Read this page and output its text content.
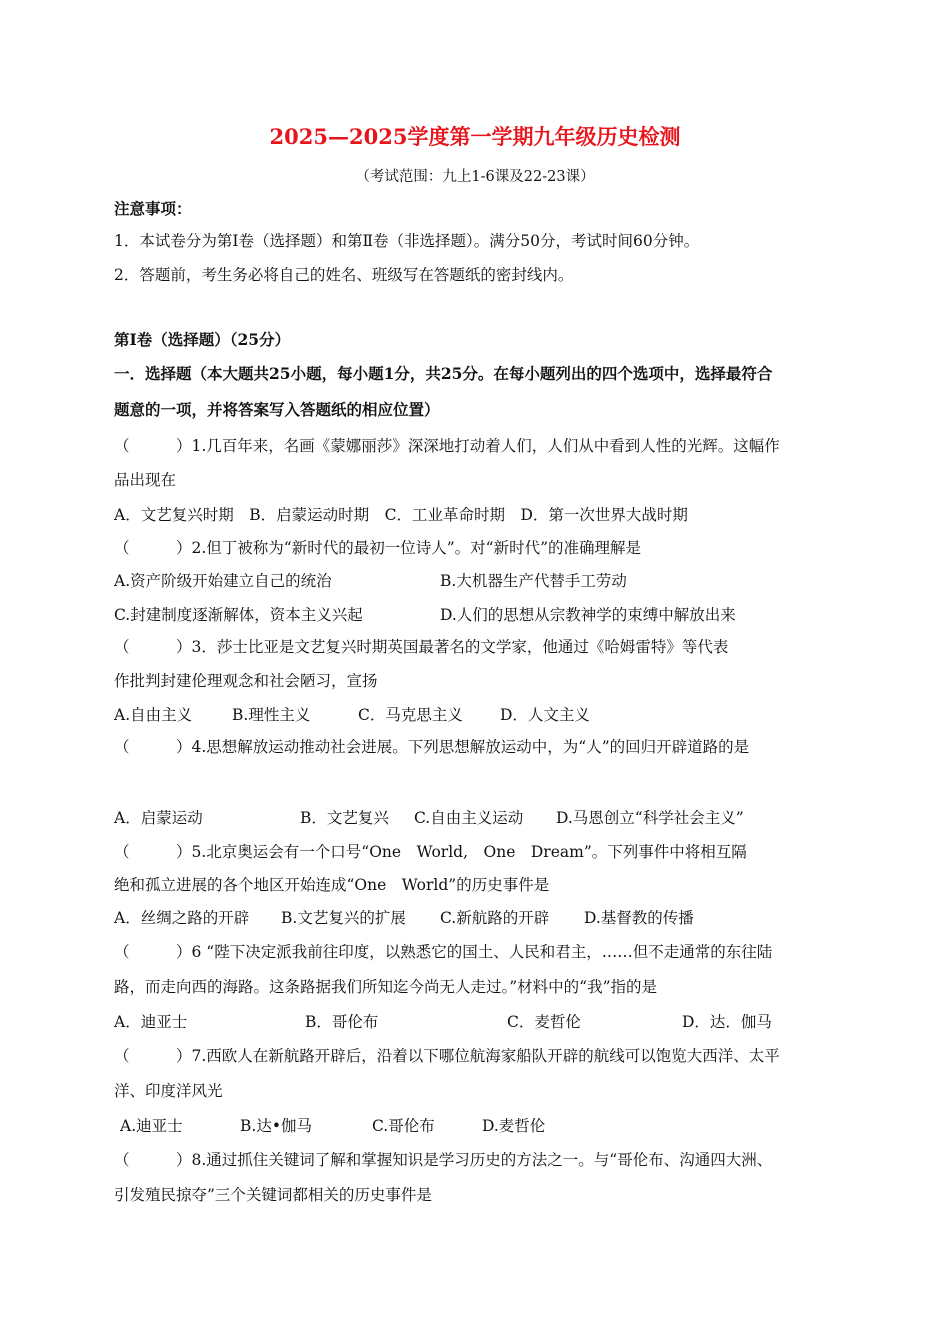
2025—2025学度第一学期九年级历史检测
（考试范围：九上1-6课及22-23课）
注意事项：
1．本试卷分为第Ⅰ卷（选择题）和第Ⅱ卷（非选择题）。满分50分，考试时间60分钟。
2．答题前，考生务必将自己的姓名、班级写在答题纸的密封线内。
第Ⅰ卷（选择题）（25分）
一．选择题（本大题共25小题，每小题1分，共25分。在每小题列出的四个选项中，选择最符合
题意的一项，并将答案写入答题纸的相应位置）
（　　　）1.几百年来，名画《蒙娜丽莎》深深地打动着人们，人们从中看到人性的光辉。这幅作
品出现在
A．文艺复兴时期　B．启蒙运动时期　C．工业革命时期　D．第一次世界大战时期
（　　　）2.但丁被称为“新时代的最初一位诗人”。对“新时代”的准确理解是
A.资产阶级开始建立自己的统治	B.大机器生产代替手工劳动
C.封建制度逐渐解体，资本主义兴起	D.人们的思想从宗教神学的束缚中解放出来
（　　　）3．莎士比亚是文艺复兴时期英国最著名的文学家，他通过《哈姆雷特》等代表
作批判封建伦理观念和社会陋习，宣扬
A.自由主义	B.理性主义	C．马克思主义 D．人文主义
（　　　）4.思想解放运动推动社会进展。下列思想解放运动中，为“人”的回归开辟道路的是
A．启蒙运动	B．文艺复兴 C.自由主义运动 D.马恩创立“科学社会主义”
（　　　）5.北京奥运会有一个口号“One　World,　One　Dream”。下列事件中将相互隔
绝和孤立进展的各个地区开始连成“One　World”的历史事件是
A．丝绸之路的开辟 B.文艺复兴的扩展 C.新航路的开辟 D.基督教的传播
（　　　）6 “陛下决定派我前往印度，以熟悉它的国土、人民和君主，……但不走通常的东往陆
路，而走向西的海路。这条路据我们所知迄今尚无人走过。”材料中的“我”指的是
A．迪亚士	B．哥伦布	C．麦哲伦	D．达．伽马
（　　　）7.西欧人在新航路开辟后，沿着以下哪位航海家船队开辟的航线可以饱览大西洋、太平
洋、印度洋风光
A.迪亚士	B.达•伽马	C.哥伦布	D.麦哲伦
（　　　）8.通过抓住关键词了解和掌握知识是学习历史的方法之一。与“哥伦布、沟通四大洲、
引发殖民掠夺”三个关键词都相关的历史事件是
